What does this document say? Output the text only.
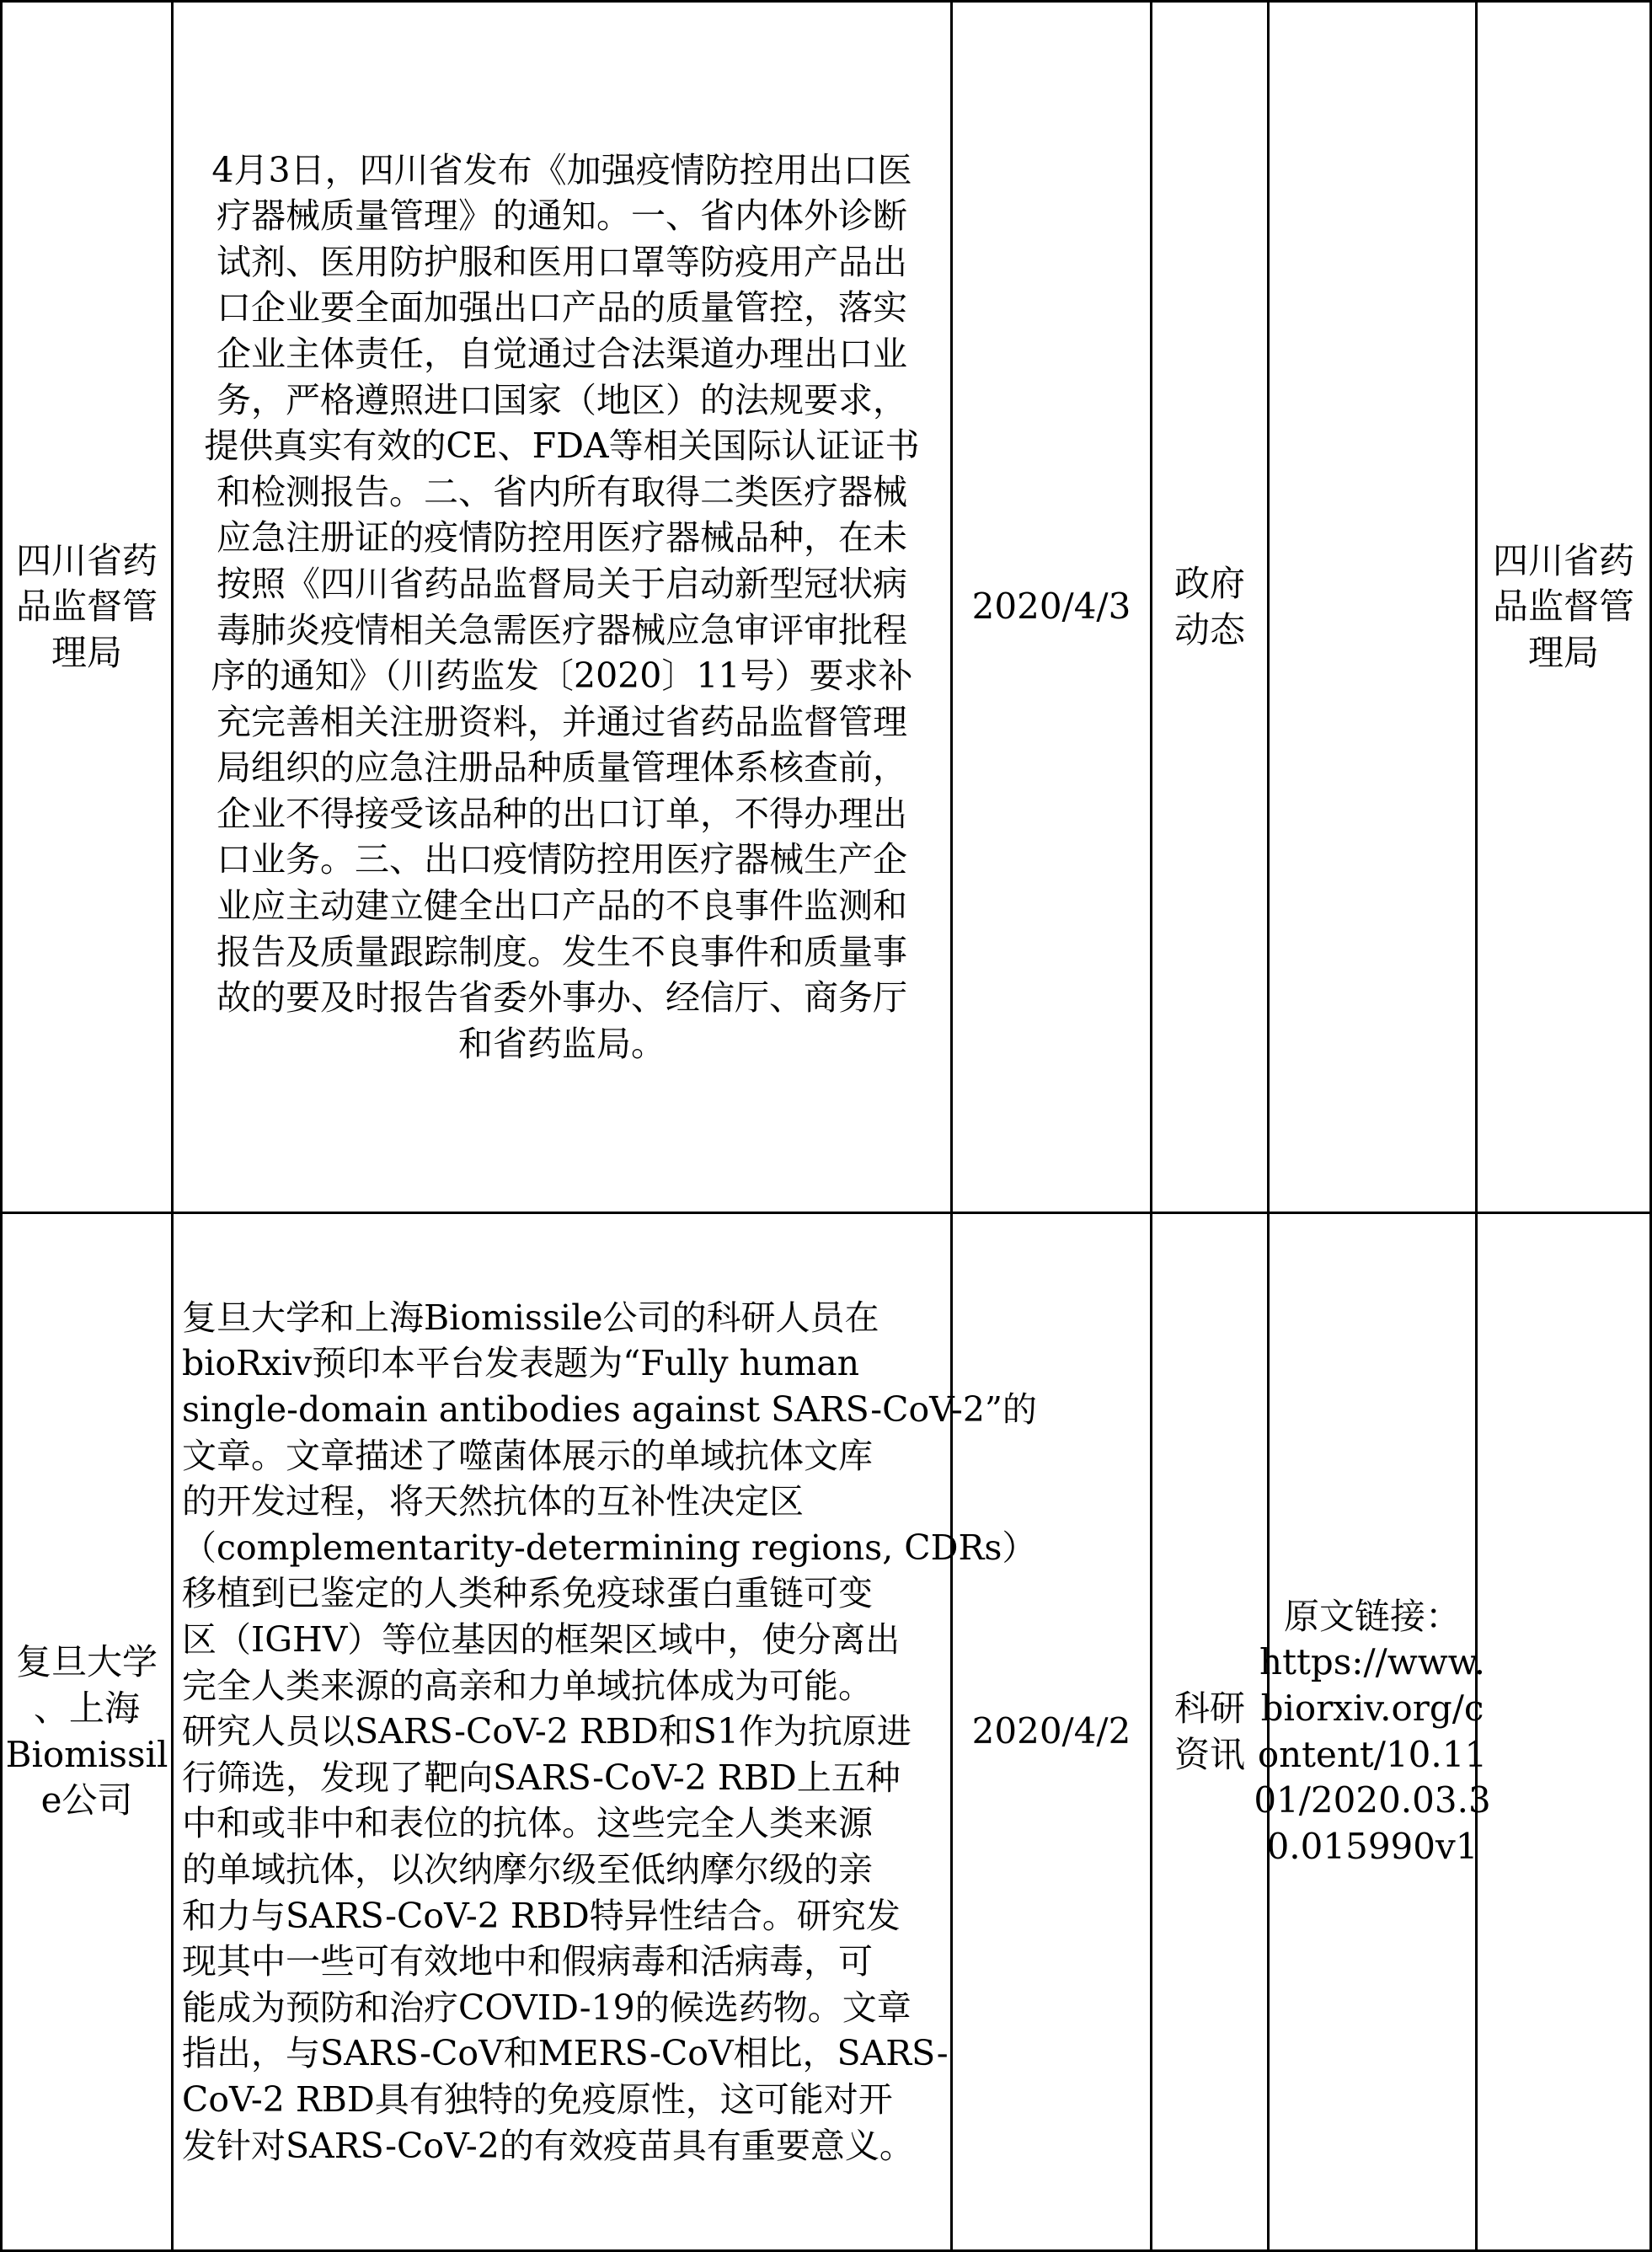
四川省药
品监督管
理局
4月3日，四川省发布《加强疫情防控用出口医
疗器械质量管理》的通知。一、省内体外诊断
试剂、医用防护服和医用口罩等防疫用产品出
口企业要全面加强出口产品的质量管控，落实
企业主体责任，自觉通过合法渠道办理出口业
务，严格遵照进口国家（地区）的法规要求，
提供真实有效的CE、FDA等相关国际认证证书
和检测报告。二、省内所有取得二类医疗器械
应急注册证的疫情防控用医疗器械品种，在未
按照《四川省药品监督局关于启动新型冠状病
毒肺炎疫情相关急需医疗器械应急审评审批程
序的通知》（川药监发〔2020〕11号）要求补
充完善相关注册资料，并通过省药品监督管理
局组织的应急注册品种质量管理体系核查前，
企业不得接受该品种的出口订单，不得办理出
口业务。三、出口疫情防控用医疗器械生产企
业应主动建立健全出口产品的不良事件监测和
报告及质量跟踪制度。发生不良事件和质量事
故的要及时报告省委外事办、经信厅、商务厅
和省药监局。
2020/4/3
政府
动态
四川省药
品监督管
理局
复旦大学
、上海
Biomissil
e公司
复旦大学和上海Biomissile公司的科研人员在
bioRxiv预印本平台发表题为“Fully human
single-domain antibodies against SARS-CoV-2”的
文章。文章描述了噬菌体展示的单域抗体文库
的开发过程，将天然抗体的互补性决定区
（complementarity-determining regions, CDRs）
移植到已鉴定的人类种系免疫球蛋白重链可变
区（IGHV）等位基因的框架区域中，使分离出
完全人类来源的高亲和力单域抗体成为可能。
研究人员以SARS-CoV-2 RBD和S1作为抗原进
行筛选，发现了靶向SARS-CoV-2 RBD上五种
中和或非中和表位的抗体。这些完全人类来源
的单域抗体，以次纳摩尔级至低纳摩尔级的亲
和力与SARS-CoV-2 RBD特异性结合。研究发
现其中一些可有效地中和假病毒和活病毒，可
能成为预防和治疗COVID-19的候选药物。文章
指出，与SARS-CoV和MERS-CoV相比，SARS-
CoV-2 RBD具有独特的免疫原性，这可能对开
发针对SARS-CoV-2的有效疫苗具有重要意义。
2020/4/2
科研
资讯
原文链接：
https://www.
biorxiv.org/c
ontent/10.11
01/2020.03.3
0.015990v1
